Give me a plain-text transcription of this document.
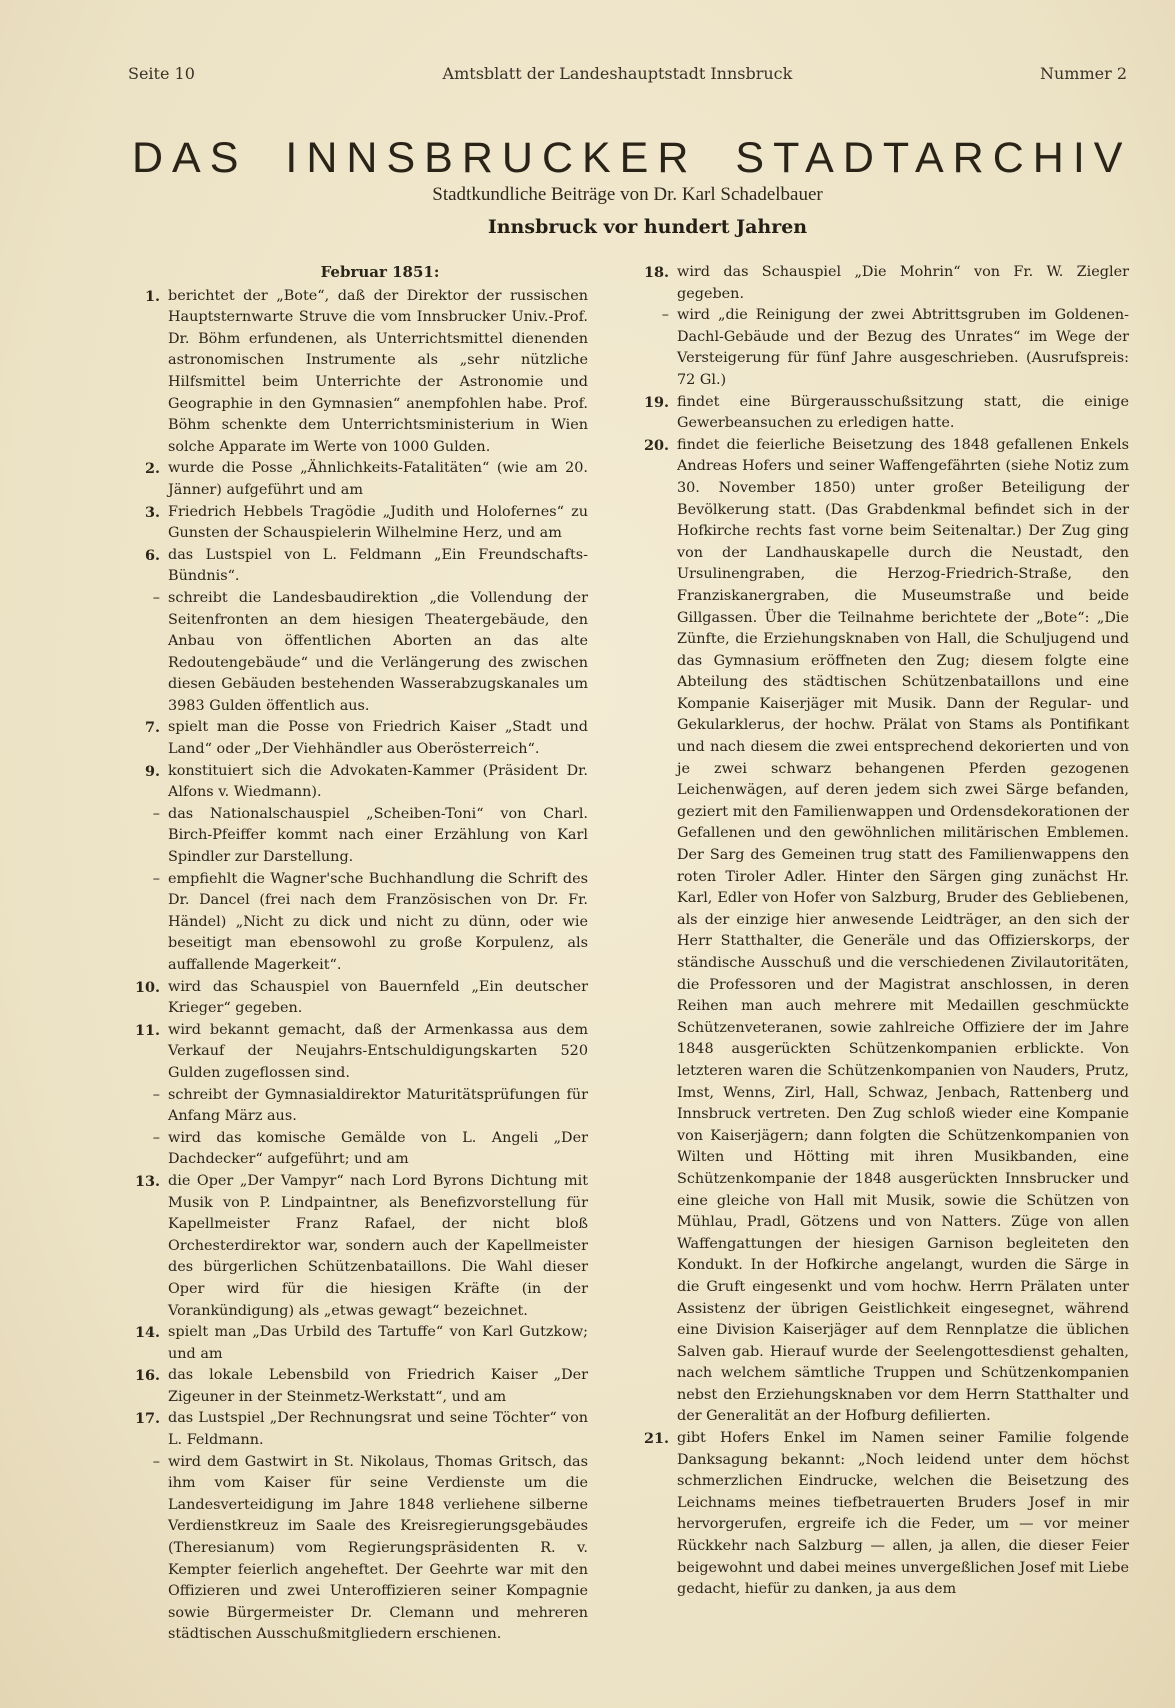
Seite 10	Amtsblatt der Landeshauptstadt Innsbruck	Nummer 2
DAS INNSBRUCKER STADTARCHIV
Stadtkundliche Beiträge von Dr. Karl Schadelbauer
Innsbruck vor hundert Jahren
Februar 1851:
1. berichtet der „Bote“, daß der Direktor der russischen Hauptsternwarte Struve die vom Innsbrucker Univ.-Prof. Dr. Böhm erfundenen, als Unterrichtsmittel dienenden astronomischen Instrumente als „sehr nützliche Hilfsmittel beim Unterrichte der Astronomie und Geographie in den Gymnasien“ anempfohlen habe. Prof. Böhm schenkte dem Unterrichtsministerium in Wien solche Apparate im Werte von 1000 Gulden.
2. wurde die Posse „Ähnlichkeits-Fatalitäten“ (wie am 20. Jänner) aufgeführt und am
3. Friedrich Hebbels Tragödie „Judith und Holofernes“ zu Gunsten der Schauspielerin Wilhelmine Herz, und am
6. das Lustspiel von L. Feldmann „Ein Freundschafts-Bündnis“.
– schreibt die Landesbaudirektion „die Vollendung der Seitenfronten an dem hiesigen Theatergebäude, den Anbau von öffentlichen Aborten an das alte Redoutengebäude“ und die Verlängerung des zwischen diesen Gebäuden bestehenden Wasserabzugskanales um 3983 Gulden öffentlich aus.
7. spielt man die Posse von Friedrich Kaiser „Stadt und Land“ oder „Der Viehhändler aus Oberösterreich“.
9. konstituiert sich die Advokaten-Kammer (Präsident Dr. Alfons v. Wiedmann).
– das Nationalschauspiel „Scheiben-Toni“ von Charl. Birch-Pfeiffer kommt nach einer Erzählung von Karl Spindler zur Darstellung.
– empfiehlt die Wagner'sche Buchhandlung die Schrift des Dr. Dancel (frei nach dem Französischen von Dr. Fr. Händel) „Nicht zu dick und nicht zu dünn, oder wie beseitigt man ebensowohl zu große Korpulenz, als auffallende Magerkeit“.
10. wird das Schauspiel von Bauernfeld „Ein deutscher Krieger“ gegeben.
11. wird bekannt gemacht, daß der Armenkassa aus dem Verkauf der Neujahrs-Entschuldigungskarten 520 Gulden zugeflossen sind.
– schreibt der Gymnasialdirektor Maturitätsprüfungen für Anfang März aus.
– wird das komische Gemälde von L. Angeli „Der Dachdecker“ aufgeführt; und am
13. die Oper „Der Vampyr“ nach Lord Byrons Dichtung mit Musik von P. Lindpaintner, als Benefizvorstellung für Kapellmeister Franz Rafael, der nicht bloß Orchesterdirektor war, sondern auch der Kapellmeister des bürgerlichen Schützenbataillons. Die Wahl dieser Oper wird für die hiesigen Kräfte (in der Vorankündigung) als „etwas gewagt“ bezeichnet.
14. spielt man „Das Urbild des Tartuffe“ von Karl Gutzkow; und am
16. das lokale Lebensbild von Friedrich Kaiser „Der Zigeuner in der Steinmetz-Werkstatt“, und am
17. das Lustspiel „Der Rechnungsrat und seine Töchter“ von L. Feldmann.
– wird dem Gastwirt in St. Nikolaus, Thomas Gritsch, das ihm vom Kaiser für seine Verdienste um die Landesverteidigung im Jahre 1848 verliehene silberne Verdienstkreuz im Saale des Kreisregierungsgebäudes (Theresianum) vom Regierungspräsidenten R. v. Kempter feierlich angeheftet. Der Geehrte war mit den Offizieren und zwei Unteroffizieren seiner Kompagnie sowie Bürgermeister Dr. Clemann und mehreren städtischen Ausschußmitgliedern erschienen.
18. wird das Schauspiel „Die Mohrin“ von Fr. W. Ziegler gegeben.
– wird „die Reinigung der zwei Abtrittsgruben im Goldenen-Dachl-Gebäude und der Bezug des Unrates“ im Wege der Versteigerung für fünf Jahre ausgeschrieben. (Ausrufspreis: 72 Gl.)
19. findet eine Bürgerausschußsitzung statt, die einige Gewerbeansuchen zu erledigen hatte.
20. findet die feierliche Beisetzung des 1848 gefallenen Enkels Andreas Hofers und seiner Waffengefährten (siehe Notiz zum 30. November 1850) unter großer Beteiligung der Bevölkerung statt. (Das Grabdenkmal befindet sich in der Hofkirche rechts fast vorne beim Seitenaltar.) Der Zug ging von der Landhauskapelle durch die Neustadt, den Ursulinengraben, die Herzog-Friedrich-Straße, den Franziskanergraben, die Museumstraße und beide Gillgassen. Über die Teilnahme berichtete der „Bote“: „Die Zünfte, die Erziehungsknaben von Hall, die Schuljugend und das Gymnasium eröffneten den Zug; diesem folgte eine Abteilung des städtischen Schützenbataillons und eine Kompanie Kaiserjäger mit Musik. Dann der Regular- und Gekularklerus, der hochw. Prälat von Stams als Pontifikant und nach diesem die zwei entsprechend dekorierten und von je zwei schwarz behangenen Pferden gezogenen Leichenwägen, auf deren jedem sich zwei Särge befanden, geziert mit den Familienwappen und Ordensdekorationen der Gefallenen und den gewöhnlichen militärischen Emblemen. Der Sarg des Gemeinen trug statt des Familienwappens den roten Tiroler Adler. Hinter den Särgen ging zunächst Hr. Karl, Edler von Hofer von Salzburg, Bruder des Gebliebenen, als der einzige hier anwesende Leidträger, an den sich der Herr Statthalter, die Generäle und das Offizierskorps, der ständische Ausschuß und die verschiedenen Zivilautoritäten, die Professoren und der Magistrat anschlossen, in deren Reihen man auch mehrere mit Medaillen geschmückte Schützenveteranen, sowie zahlreiche Offiziere der im Jahre 1848 ausgerückten Schützenkompanien erblickte. Von letzteren waren die Schützenkompanien von Nauders, Prutz, Imst, Wenns, Zirl, Hall, Schwaz, Jenbach, Rattenberg und Innsbruck vertreten. Den Zug schloß wieder eine Kompanie von Kaiserjägern; dann folgten die Schützenkompanien von Wilten und Hötting mit ihren Musikbanden, eine Schützenkompanie der 1848 ausgerückten Innsbrucker und eine gleiche von Hall mit Musik, sowie die Schützen von Mühlau, Pradl, Götzens und von Natters. Züge von allen Waffengattungen der hiesigen Garnison begleiteten den Kondukt. In der Hofkirche angelangt, wurden die Särge in die Gruft eingesenkt und vom hochw. Herrn Prälaten unter Assistenz der übrigen Geistlichkeit eingesegnet, während eine Division Kaiserjäger auf dem Rennplatze die üblichen Salven gab. Hierauf wurde der Seelengottesdienst gehalten, nach welchem sämtliche Truppen und Schützenkompanien nebst den Erziehungsknaben vor dem Herrn Statthalter und der Generalität an der Hofburg defilierten.
21. gibt Hofers Enkel im Namen seiner Familie folgende Danksagung bekannt: „Noch leidend unter dem höchst schmerzlichen Eindrucke, welchen die Beisetzung des Leichnams meines tiefbetrauerten Bruders Josef in mir hervorgerufen, ergreife ich die Feder, um — vor meiner Rückkehr nach Salzburg — allen, ja allen, die dieser Feier beigewohnt und dabei meines unvergeßlichen Josef mit Liebe gedacht, hiefür zu danken, ja aus dem
